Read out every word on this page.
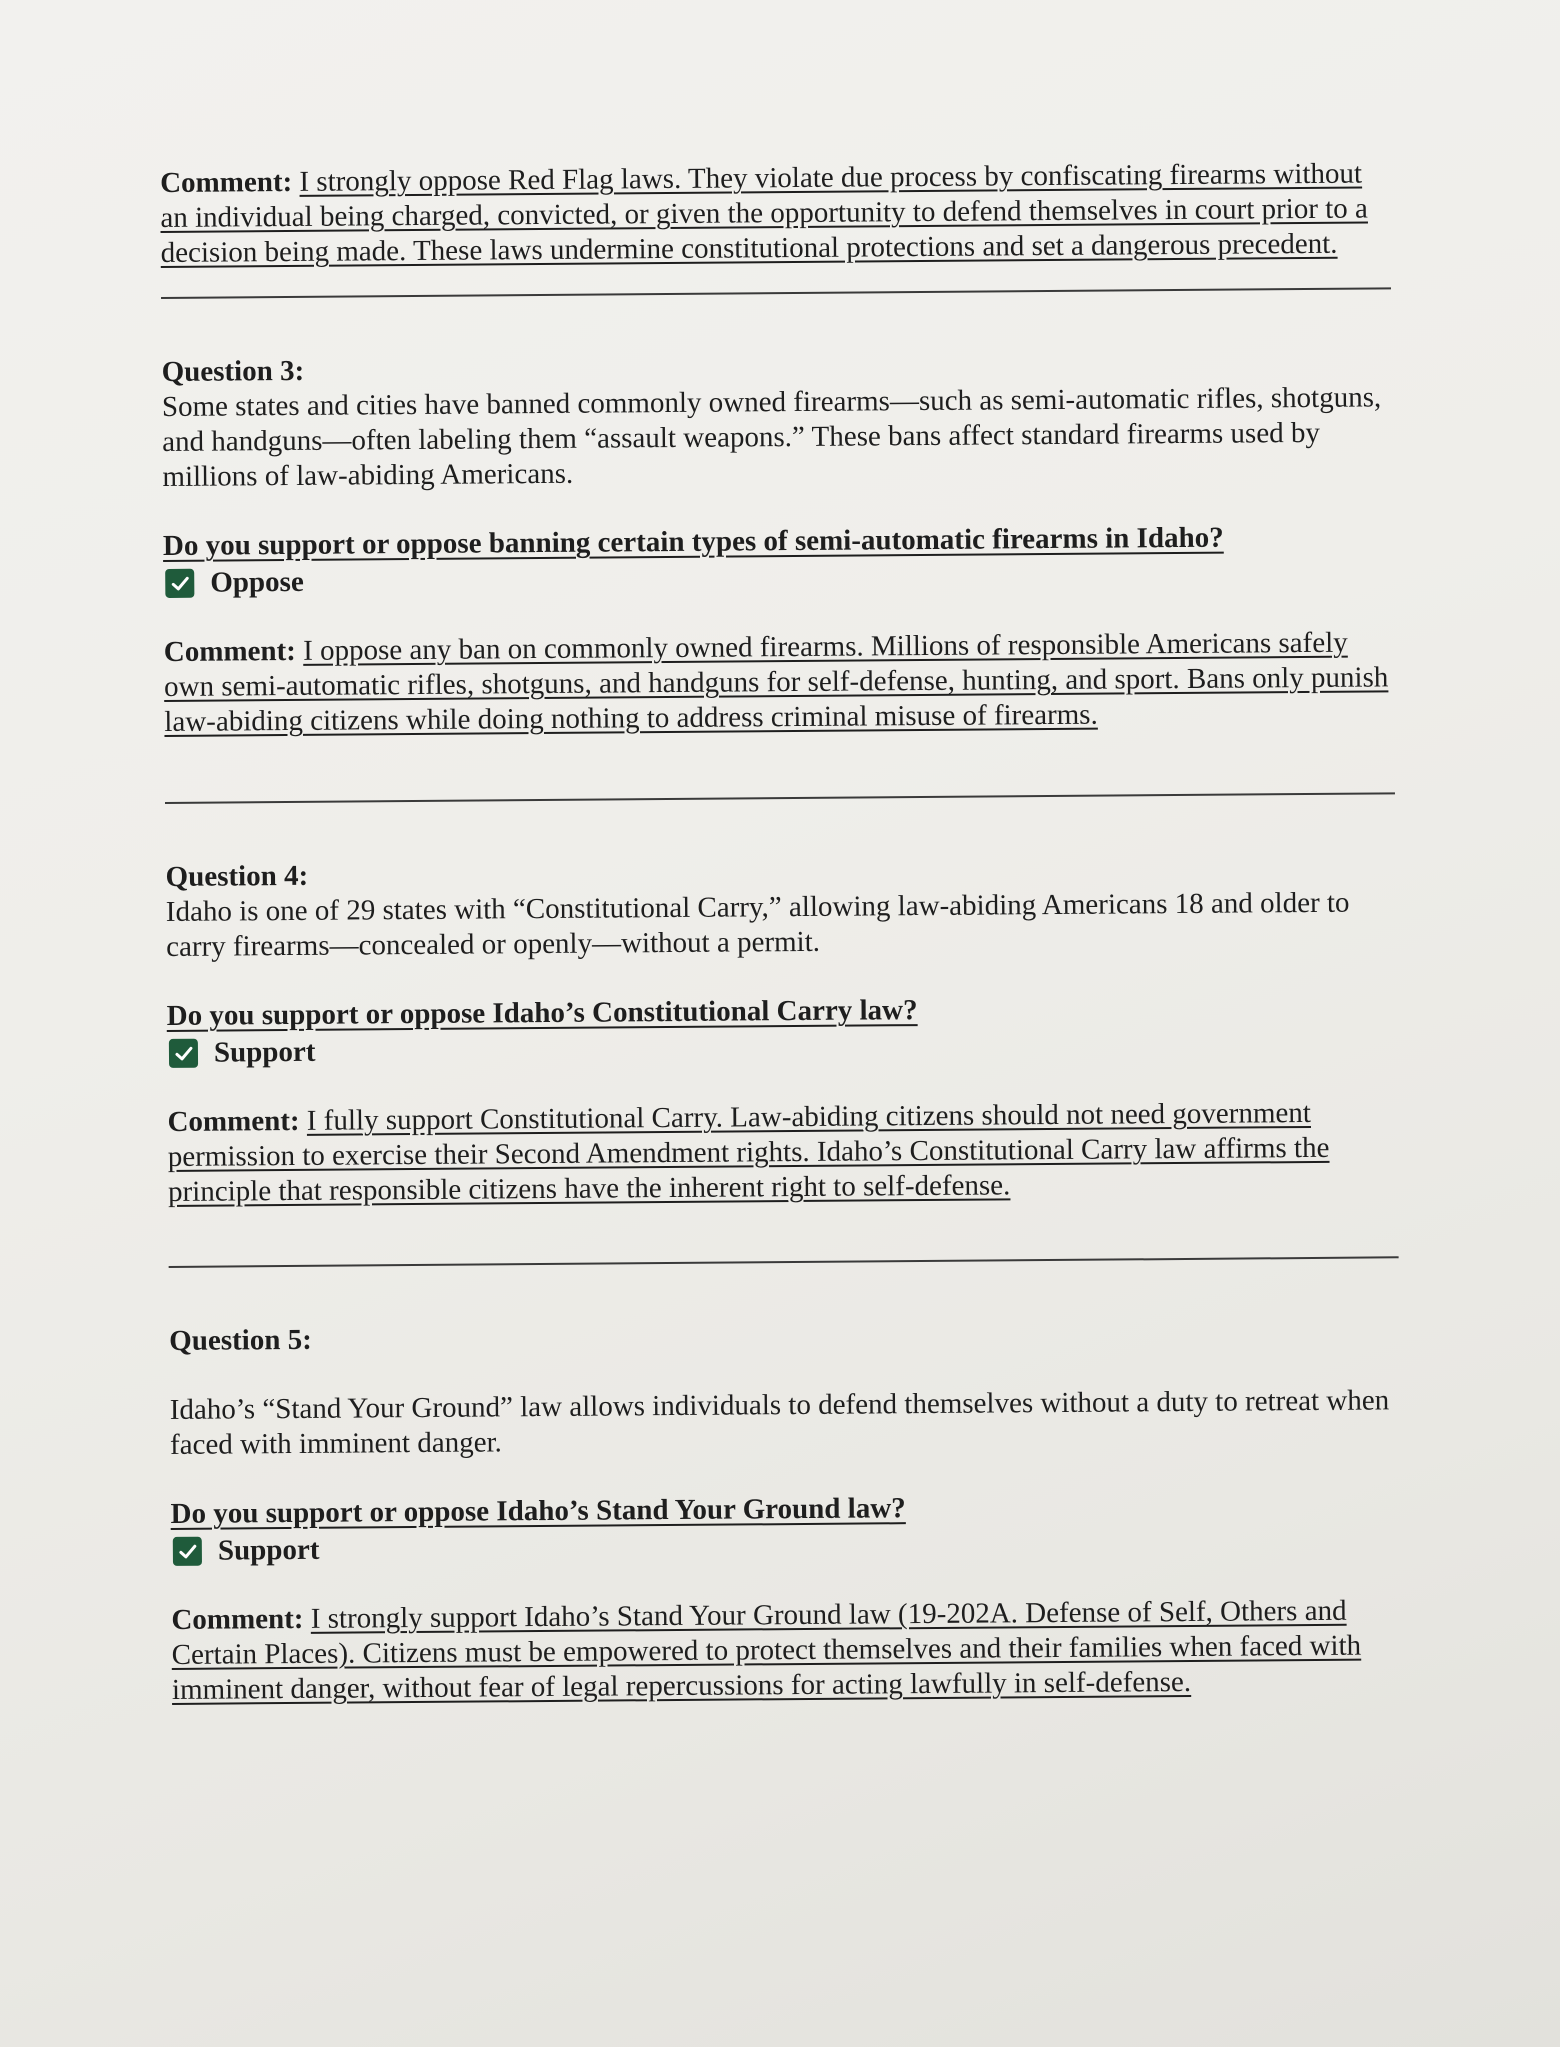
Comment: I strongly oppose Red Flag laws. They violate due process by confiscating firearms without an individual being charged, convicted, or given the opportunity to defend themselves in court prior to a decision being made. These laws undermine constitutional protections and set a dangerous precedent.

Question 3:

Some states and cities have banned commonly owned firearms—such as semi-automatic rifles, shotguns, and handguns—often labeling them “assault weapons.” These bans affect standard firearms used by millions of law-abiding Americans.

Do you support or oppose banning certain types of semi-automatic firearms in Idaho?

Oppose

Comment: I oppose any ban on commonly owned firearms. Millions of responsible Americans safely own semi-automatic rifles, shotguns, and handguns for self-defense, hunting, and sport. Bans only punish law-abiding citizens while doing nothing to address criminal misuse of firearms.

Question 4:

Idaho is one of 29 states with “Constitutional Carry,” allowing law-abiding Americans 18 and older to carry firearms—concealed or openly—without a permit.

Do you support or oppose Idaho’s Constitutional Carry law?

Support

Comment: I fully support Constitutional Carry. Law-abiding citizens should not need government permission to exercise their Second Amendment rights. Idaho’s Constitutional Carry law affirms the principle that responsible citizens have the inherent right to self-defense.

Question 5:

Idaho’s “Stand Your Ground” law allows individuals to defend themselves without a duty to retreat when faced with imminent danger.

Do you support or oppose Idaho’s Stand Your Ground law?

Support

Comment: I strongly support Idaho’s Stand Your Ground law (19-202A. Defense of Self, Others and Certain Places). Citizens must be empowered to protect themselves and their families when faced with imminent danger, without fear of legal repercussions for acting lawfully in self-defense.
